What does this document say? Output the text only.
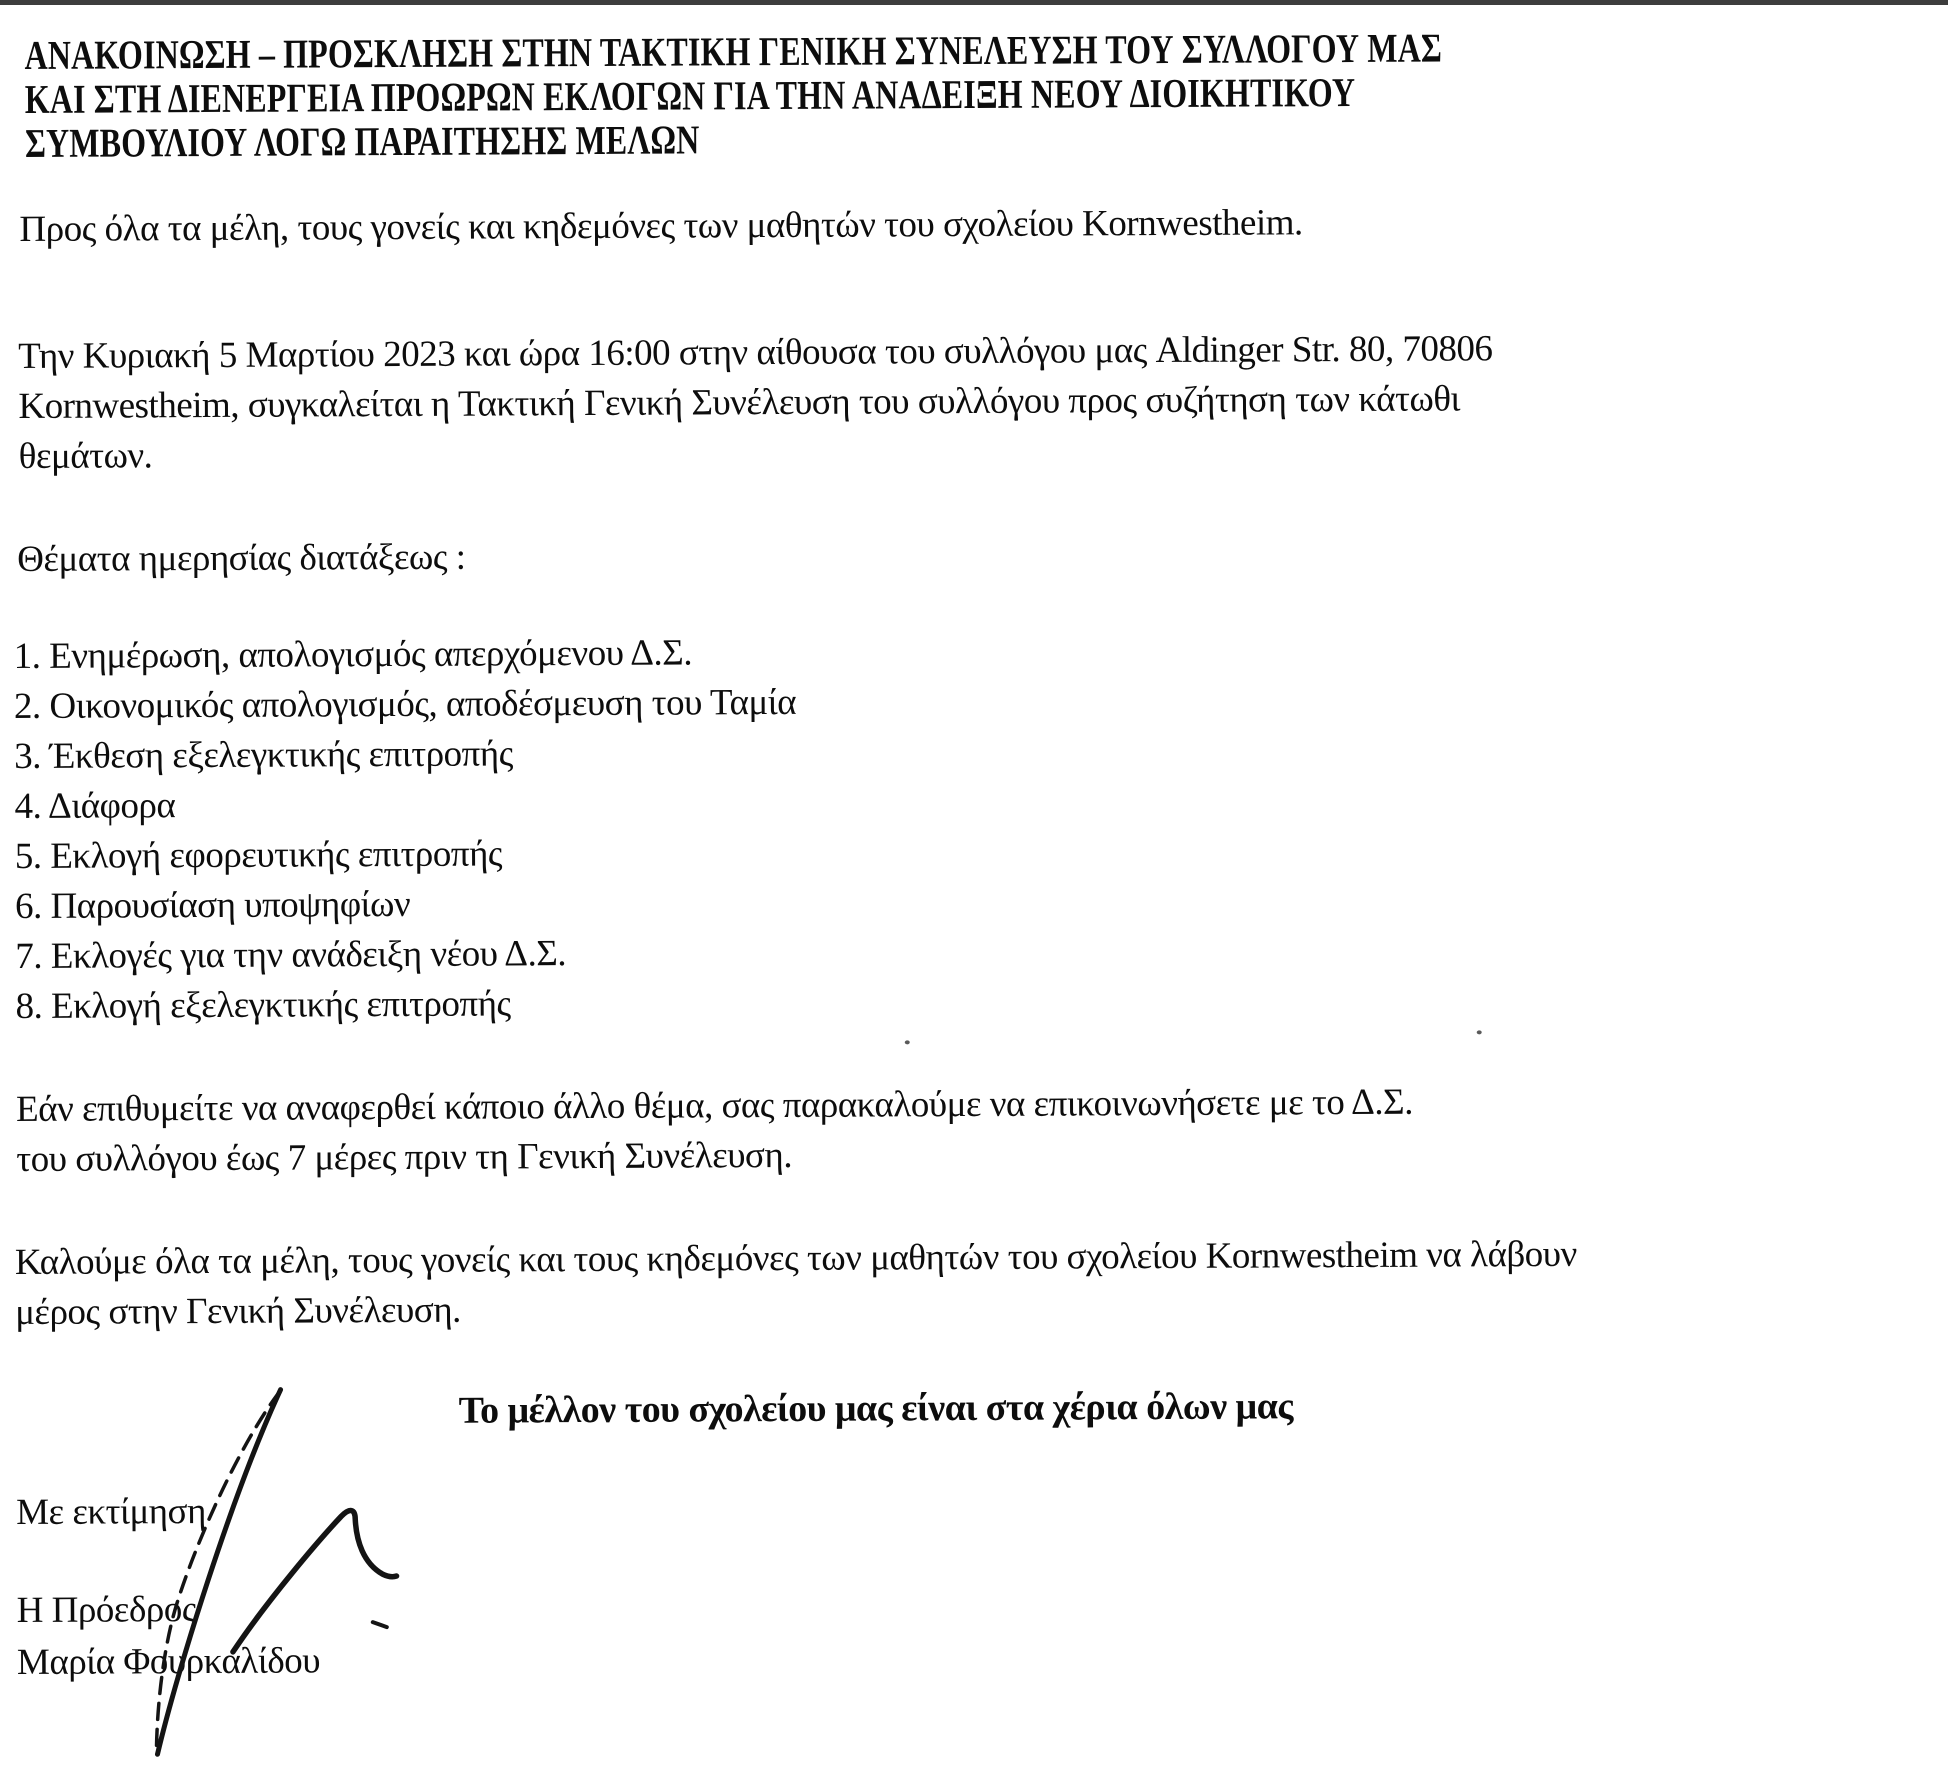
ΑΝΑΚΟΙΝΩΣΗ – ΠΡΟΣΚΛΗΣΗ ΣΤΗΝ ΤΑΚΤΙΚΗ ΓΕΝΙΚΗ ΣΥΝΕΛΕΥΣΗ ΤΟΥ ΣΥΛΛΟΓΟΥ ΜΑΣ
ΚΑΙ ΣΤΗ ΔΙΕΝΕΡΓΕΙΑ ΠΡΟΩΡΩΝ ΕΚΛΟΓΩΝ ΓΙΑ ΤΗΝ ΑΝΑΔΕΙΞΗ ΝΕΟΥ ΔΙΟΙΚΗΤΙΚΟΥ
ΣΥΜΒΟΥΛΙΟΥ ΛΟΓΩ ΠΑΡΑΙΤΗΣΗΣ ΜΕΛΩΝ
Προς όλα τα μέλη, τους γονείς και κηδεμόνες των μαθητών του σχολείου Kornwestheim.
Την Κυριακή 5 Μαρτίου 2023 και ώρα 16:00 στην αίθουσα του συλλόγου μας Aldinger Str. 80, 70806
Kornwestheim, συγκαλείται η Τακτική Γενική Συνέλευση του συλλόγου προς συζήτηση των κάτωθι
θεμάτων.
Θέματα ημερησίας διατάξεως :
1. Ενημέρωση, απολογισμός απερχόμενου Δ.Σ.
2. Οικονομικός απολογισμός, αποδέσμευση του Ταμία
3. Έκθεση εξελεγκτικής επιτροπής
4. Διάφορα
5. Εκλογή εφορευτικής επιτροπής
6. Παρουσίαση υποψηφίων
7. Εκλογές για την ανάδειξη νέου Δ.Σ.
8. Εκλογή εξελεγκτικής επιτροπής
Εάν επιθυμείτε να αναφερθεί κάποιο άλλο θέμα, σας παρακαλούμε να επικοινωνήσετε με το Δ.Σ.
του συλλόγου έως 7 μέρες πριν τη Γενική Συνέλευση.
Καλούμε όλα τα μέλη, τους γονείς και τους κηδεμόνες των μαθητών του σχολείου Kornwestheim να λάβουν
μέρος στην Γενική Συνέλευση.
Το μέλλον του σχολείου μας είναι στα χέρια όλων μας
Με εκτίμηση
Η Πρόεδρος
Μαρία Φουρκαλίδου
